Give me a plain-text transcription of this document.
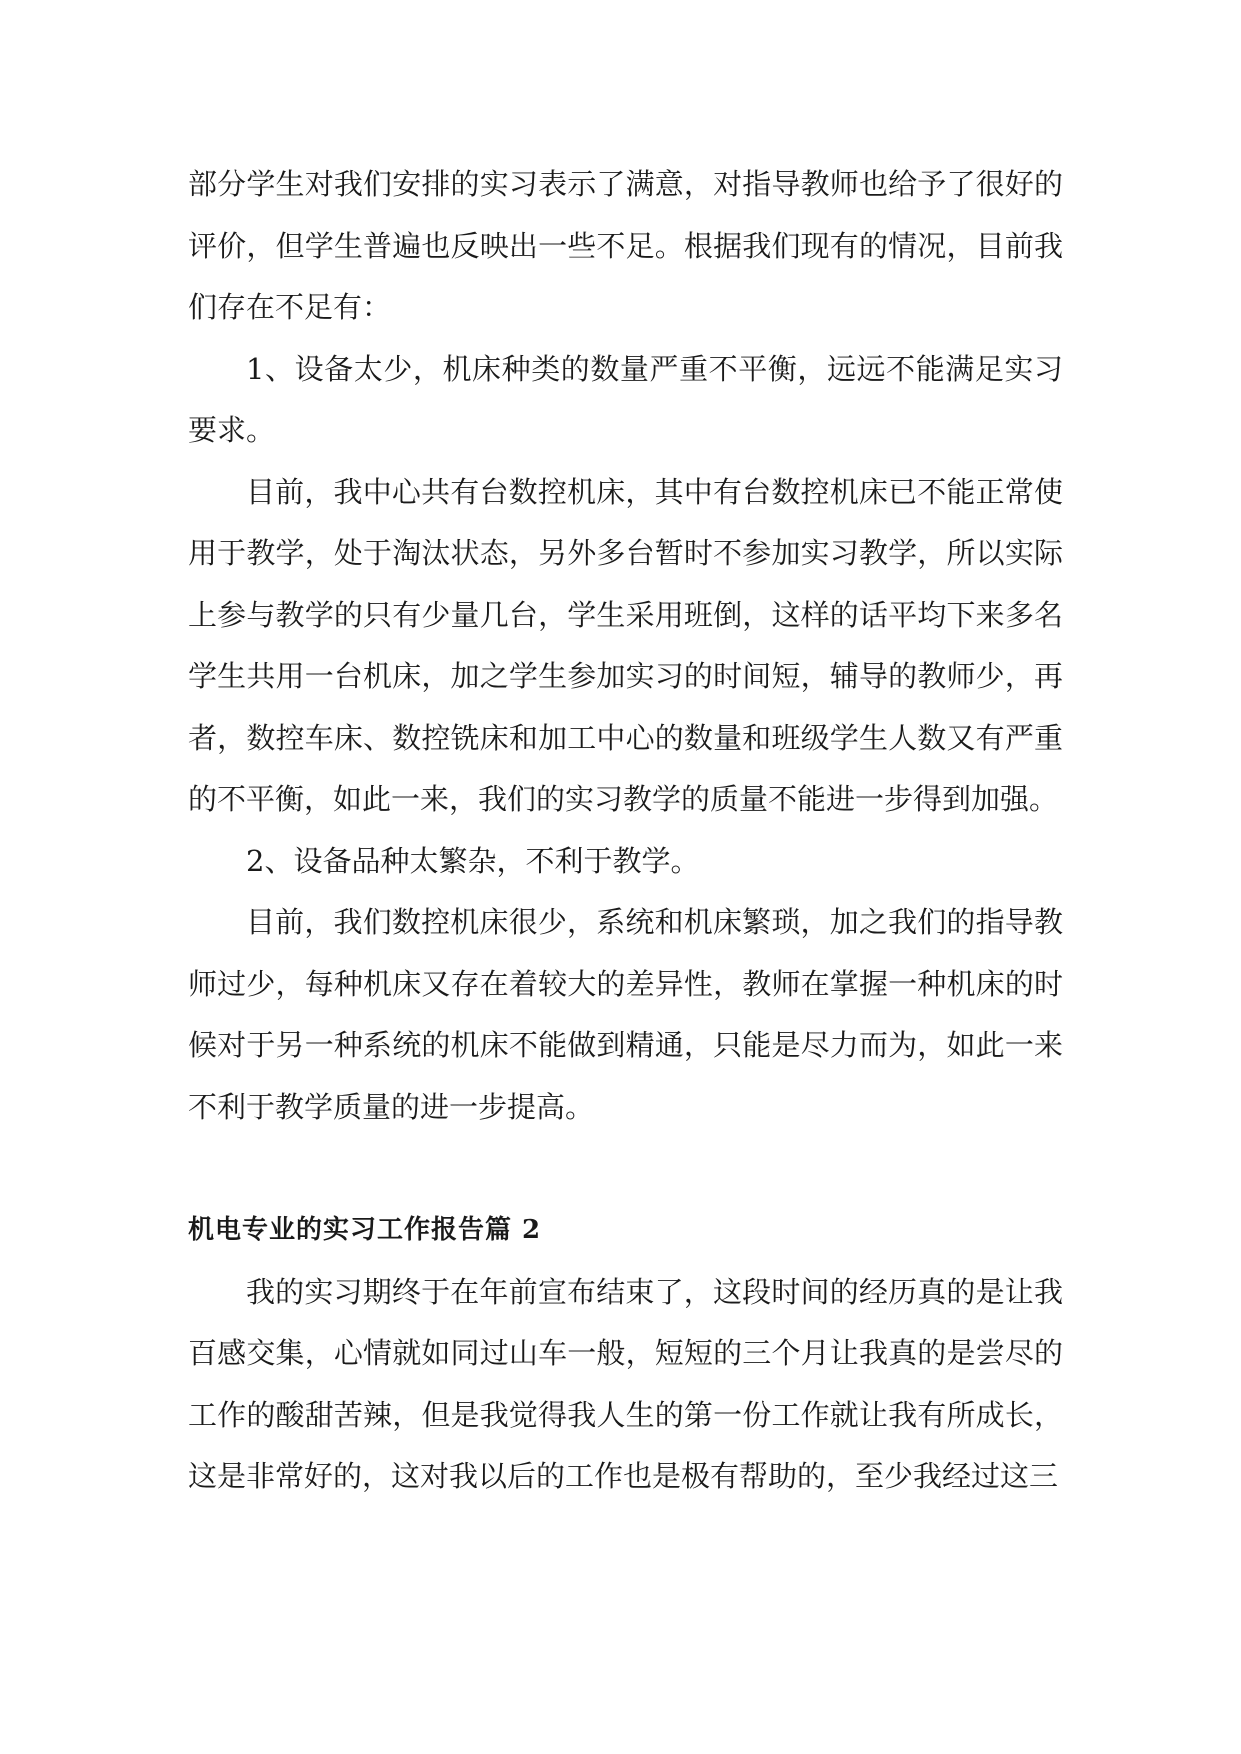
部分学生对我们安排的实习表示了满意，对指导教师也给予了很好的评价，但学生普遍也反映出一些不足。根据我们现有的情况，目前我们存在不足有：

1、设备太少，机床种类的数量严重不平衡，远远不能满足实习要求。

目前，我中心共有台数控机床，其中有台数控机床已不能正常使用于教学，处于淘汰状态，另外多台暂时不参加实习教学，所以实际上参与教学的只有少量几台，学生采用班倒，这样的话平均下来多名学生共用一台机床，加之学生参加实习的时间短，辅导的教师少，再者，数控车床、数控铣床和加工中心的数量和班级学生人数又有严重的不平衡，如此一来，我们的实习教学的质量不能进一步得到加强。

2、设备品种太繁杂，不利于教学。

目前，我们数控机床很少，系统和机床繁琐，加之我们的指导教师过少，每种机床又存在着较大的差异性，教师在掌握一种机床的时候对于另一种系统的机床不能做到精通，只能是尽力而为，如此一来不利于教学质量的进一步提高。

机电专业的实习工作报告篇 2

我的实习期终于在年前宣布结束了，这段时间的经历真的是让我百感交集，心情就如同过山车一般，短短的三个月让我真的是尝尽的工作的酸甜苦辣，但是我觉得我人生的第一份工作就让我有所成长，这是非常好的，这对我以后的工作也是极有帮助的，至少我经过这三
